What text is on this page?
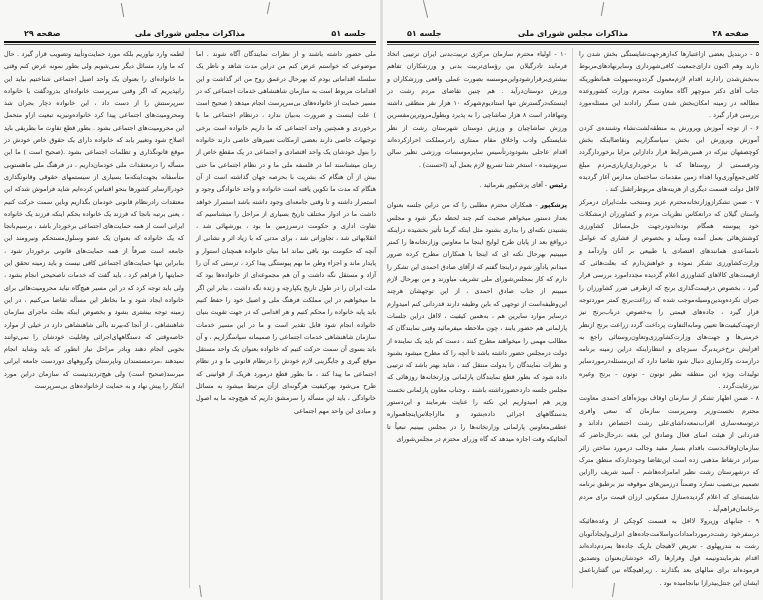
صفحه ۲۹	مذاکرات مجلس شورای ملی	جلسه ۵۱

ملی حضور داشته باشند و از نظرات نمایندگان آگاه شوند . اما موضوعی که خواستم عرض کنم من دراین مدت شاهد و ناظر یک سلسله اقداماتی بودم که بهرحال درعمق روح من اثر گذاشت و این اقدامات مربوط است به سازمان شاهنشاهی خدمات اجتماعی که در مسیر حمایت از خانواده‌های بی‌سرپرست انجام میدهد ( صحیح است ) علت اینست و ضرورت به‌بیان ندارد ، درنظام اجتماعی ما با برخوردی و همچنین واحد اجتماعی که ما داریم خانواده است برخی توجیهات خاصی دارند بعضی ازمکاتب تعبیرهای خاصی دارند خانواده را بنول خودشان یک واحد اقتصادی و اجتماعی در یک مقطع خاص از زمان میشناسند اما در فلسفه ملی ما و در نظام اجتماعی ما حتی بیش از آن هنگام که بشریت با بحرصه جهان گذاشته است از آن هنگام که مدت ما تکوین یافته است خانواده و واحد خانوادگی وجود و استمرار داشته و تا وقتی جامعه‌ای وجود داشته باشد استمرار خواهد داشت ما در ادوار مختلف تاریخ بسیاری از مراحل را میشناسیم که تفاوت اداری و حکومت درسرزمین ما بود ، یورشهائی شد ، انقلابهائی شد ، تجاوزاتی شد ، برای مدتی که با زیاد اثر و نشانی از آنچه که حکومت بود باقی نماند اما بنیان خانواده همچنان استوار و پایدار ماند و اجزاء وطن ما بهم پیوستگی پیدا کرد ، ترستی که آن را آزاد و مستقل نگه داشت و آن هم مجموعه‌ای از خانواده‌ها بود که ملت ایران را در طول تاریخ یکپارچه و زنده نگه داشت ، بنابر این اگر ما میخواهیم در این مملکت فرهنگ ملی و اصیل خود را حفظ کنیم باید پایه خانواده را محکم کنیم و هر اقدامی که در جهت تقویت بنیان خانواده انجام شود قابل تقدیر است و ما در این مسیر خدمات سازمان شاهنشاهی خدمات اجتماعی را صمیمانه سپاسگزاریم ، و آن باید بسوی آن سمت حرکت کنیم که خانواده بعنوان یک واحد مستقل موقع گیری و جایگزینی لازم خودش را درنظام قانونی ما و در نظام اجتماعی ما پیدا کند ، ما بطور قطع درمورد هریک از قوانینی که طرح می‌شود بهرکیفیت هرگونه‌ای ازآن مرتبط میشود به مسائل خانوادگی ، باید این مسأله را سرمشق داریم که هیچ‌وجه ما به اصول و مبادی این واحد مهم اجتماعی

لطمه وارد نیاوریم بلکه مورد حمایت‌وتأیید وتصویب قرار گیرد . حال که ما وارد مسائل دیگر نمی‌شویم ولی بطور نمونه عرض کنم وقتی ما خانواده‌ای را بعنوان یک واحد اصیل اجتماعی شناختیم نباید این رابپذیریم که اگر وقتی سرپرست خانواده‌ای بدرودگفت یا خانواده سرپرستش را از دست داد ، این خانواده دچار بحران شد ومحرومیت‌های اجتماعی پیدا کرد خانواده‌ونیزیه تبعیت ازاو متحمل این محرومیت‌های اجتماعی بشود . بطور قطع تفاوت ما بطریقی باید اصلاح شود وتغییر یابد که خانواده دارای یک حقوق خاص خودش در موقع قانونگذاری و تظلمات اجتماعی بشود .(صحیح است ) ما این مسأله را درمعتقدات ملی خودمان‌داریم ، در فرهنگ ملی ما‌هستوبی متأسفانه بجهت‌اینکه‌ما بسیاری از سیستمهای حقوقی وقانونگذاری خودرا‌ازسایر کشورها بنحو اقتباس کرده‌ایم شاید فراموش شد‌که این معتقدات رادرنظام قانونی خودمان بگذاریم وباین سمت حرکت کنیم ، یعنی برتبه بانجا که فرزند یک خانواده بحکم اینکه فرزند یک خانواده ایرانی است از همه حمایت‌های اجتماعی برخوردار باشد ، برسیم‌بانجا که یک خانواده که بعنوان یک عضو وسلول‌مستحکم ونیرومند این جامعه است صرفاً از همه حمایت‌های قانونی برخوردار شود ، بنابراین تنها حمایت‌های اجتماعی کافی نیست و باید زمینه تحقق این حمایتها را فراهم کرد ، باید گفت که خدمات ناصحیحی انجام بشود ، ولی باید توجه کرد که در این مسیر هیچ‌گاه نباید محرومیت‌هائی برای خانواده ایجاد شود و ما بخاطر این مسأله تقاضا می‌کنیم ، در این زمینه توجه بیشتری بشود و بخصوص اینکه بعلت ماجرای سازمان شاهنشاهی ، از آنجا که‌بیرند باآنی شاهنشاهی دارد در خیلی از موارد خاصه‌وقتی که دستگاههای‌اجرائی وقابلیت خودشان را نمی‌توانند بخوبی انجام دهند وبادر مراحل نیاز انطور که باید وشاید انجام نمیدهند ،مردمستمندان وناپرستان وگروههای دوردست جامعه ایرانی میرسد(صحیح است) ولی هیچ‌تردیدنیست که سازمان دراین مورد ابتکار را پیش نهاد و به حمایت ازخانواده‌های بی‌سرپرست

جلسه ۵۱	مذاکرات مجلس شورای ملی	صفحه ۲۸

۵ - دربندیل بعضی ازاعتبارها که‌ازهرجهت‌شایستگی بخش شدن را دارند وهم اکنون دارای‌جمعیت کافی‌شهرداری وسایرنهادهای‌مربوط به‌بخش‌شدن رادارند اقدام لازم‌معمول گردد‌وبه‌سهولت همانطوریکه جناب آقای دکتر منوچهر آگاه معاونت محترم وزارت کشوروعده مطالعه در زمینه امکان‌بخش شدن سنگر رادادند این مسئله‌مورد بررسی قرار گیرد .

۶ - از توجه آموزش وپرورش به منطقه‌لشت‌نشاء وشننده‌ی کردن آموزش وپرورش این بخش سپاسگزاریم وتقاضا‌اینکه بخش کوچصفهان نیزکه در همین‌شرایط قرار داد‌ازاین مزایا برخوردارگردد ودرقسمتی از روستاها که با برخورداری‌ازیاری‌مردم مبلغ کافی‌جمع‌آوری‌وبا اهداء زمین مقدمات ساختمان مدارس آغاز گردیده لااقل دولت قسمت دیگری از هزینه‌های مربوط‌راتقبل کند .

۷ - ضمن تشکرازوزارتخانه‌محترم‌ عزیز ومنتخب ملت‌ایران درمرکز واستان گیلان که درانعکاس نظریات مردم و کشاورزان ازمشکلات خود پیوسته همگام بوده‌اند‌ودرجهت حل‌مسائل کشاورزی کوشش‌هائی بعمل آمده ومیآید و بخصوص از فشاری که عوامل نامساعدی همانند‌های اقتصادی یا طبیعی بر آنان وارد‌آمد و وزارت‌کشاورزی تشکر نموده و خواهش‌دارم که بعلت‌هائی که ازقیمت‌های کالاهای کشاورزی اعلام گردیده مجددا‌مورد بررسی قرار گیرد ، بخصوص درقیمت‌گذاری برنج که ازطرفی ضرر کشاورزان را جبران نکرده‌وبدین‌وسیله‌موجب شده که زراعت‌برنج کمتر موردتوجه قرار گیرد ، جاده‌های قیمتی را به‌خصوص درباب‌برنج نیز از‌جهت‌کیفیت‌ها تعیین ومابه‌التفاوت پرداخت گردد ‌زراعت برنج ازنظر خرمنی‌ها و جهت‌های وزارت‌کشاورزی‌وتعاون‌روستائی راجع به افزایش نرخ‌خریدبرگ سبزچای و انتظاراینکه دراین زمینه برنامه درازمدت وکارسازی دنبال شود تقاضا دارد که این‌مسئله‌درموردسایر تولیدات ویژه این منطقه نظیر توتون - توتون - برنج وغیره نیزرعایت‌گردد .

۸ - ضمن اظهار تشکر از سازمان اوقاف بویژه‌آقای احمدی معاونت محترم نخست‌وزیر وسرپرست سازمان که سعی وافری درتوسعه‌ساری اقراب‌نمعه‌داشای‌علی رشت اختصاص داداند و قدردانی از هیئت امنای فعال وصادق این بقعه ،درحال‌حاضر که سازمان‌اوقاف‌دست باقدام بسیار مفید وجالب درمورد ساختن زائر سرادر درنقاط مذهبی زده است این‌تقاضا وجوددارد‌که منطق مترک که درشهرستان رشت نظیر امامزاده‌هاشم - آسید شریف راازاین تصمیم بی‌نصیب نسازد وضمناً درزمین‌های موقوفه نیز برطبق برنامه شایسته‌ای که اعلام گردیده‌منازل مسکونی ارزان قیمت برای مردم برخانمان‌فراهم‌آید .

۹ - جنابهای وزیرولا لااقل به قسمت کوچکی از وعده‌هائیکه درسفرخود رشت‌درموردامدادات‌واسلامت‌جاده‌های انزلی‌وایجادآتوبان رشت به بندرپهلوی - تعریض لاهیجان باریک جاده‌ها بمردم‌داده‌اند اقدام بفرمایندونیمه قول وقرارها راکه خودشان‌بعنوان وتصدیق فرموده‌اند برای سالهای بعد بگذارند . زیراهیچگاه نین گفتارباعمل ایشان این جنتل‌بیدرازا نیانجامیده بود .

۱۰ - اولیاء محترم سازمان مرکزی تربیت‌بدنی ایران ترتیبی اتخاذ فرمایند تادرگیلان بین رؤسای‌تربیت بدنی و ورزشکاران تفاهم بیشتری‌برقرارشودواین‌موسسه بصورت‌ عملی واقعی ورزشکاران و ورزش دوستان‌درآید . هم چنین تقاضای مردم رشت در اینستکه‌درگسترش تنها استادیوم‌شهرکه ۱۰ هزار نفر منظقی داشته وتنها‌قادر است ۸ هزار تماشاچی را به پذیرد وبطول‌مروترین‌مفسرین ورزش تماشاچیان و ورزش دوستان شهرستان رشت از نظر شایستگی وادب واخلاق مقام ممتازی رادرمملکت احرازکرده‌اند اقدام عاجلی بشودودرتأسیس سایرموسسات ورزشی نظیر سالن سرپوشیده - استخر شنا تسریع لازم بعمل آید (احسنت) .

رئیس - آقای پزشکپور بفرمائید .

پزشکپور - همکاران محترم مطلبی را که من دراین جلسه بعنوان بعداز دستور میخواهم صحبت کنم چند لحظه دیگر شود و مجلس بشنیدن نکته‌ای را بداری بشنود مثل اینکه گرما تأثیر بخشیده دراینکه درواقع بعد از پایان طرح لوایح اینجا ما معاونین وزارتخانه‌ها را کمتر میبینیم بهرحال نکته ای که اینجا با همکاران مطرح کرده ضرور میدانم یادآور شوم دراینجا گفتم که ازآقای صادق احمدی این تشکر را دارم که کار بمجلس‌شورای ملی تشریف میاورند و من بهرحال لازم میبینم از جناب صادق احمدی ، از این توجهشان هرچند این‌وظیفه‌است از توجهی که باین وظیفه دارند قدردانی کنم امیدوارم درسایر موارد سایرین هم ، به‌همین کیفیت ، لااقل دراین جلسات پارلمانی هم حضور یابند ، چون ملاحظه میفرمائید وقتی نمایندگان که مطالب مهمی را میخواهند مطرح کنند ، دست کم باید یک نماینده از دولت درمجلس حضور داشته باشد تا آنچه را که مطرح میشود بشنود و نظرات نمایندگان را بدولت منتقل کند ، شاید بهتر باشد که ترتیبی داده شود که بطور قطع نمایندگان پارلمانی وزارتخانه‌ها روزهائی که مجلس جلسه داردحضورداشته باشند ، وجناب معاون پارلمانی نخست وزیر هم امیدواریم این نکته را عنایت بفرمایند و این‌دستور بدستگاههای اجرائی داده‌بشود و مااز‌اجلاس‌اینجاهمواره‌ عطفی‌معاونین پارلمانی وزارتخانه‌ها را در مجلس ببینیم تبعیاً تا آنجائیکه وقت اجازه میدهد که گاه وزرای محترم در مجلس‌شورای
